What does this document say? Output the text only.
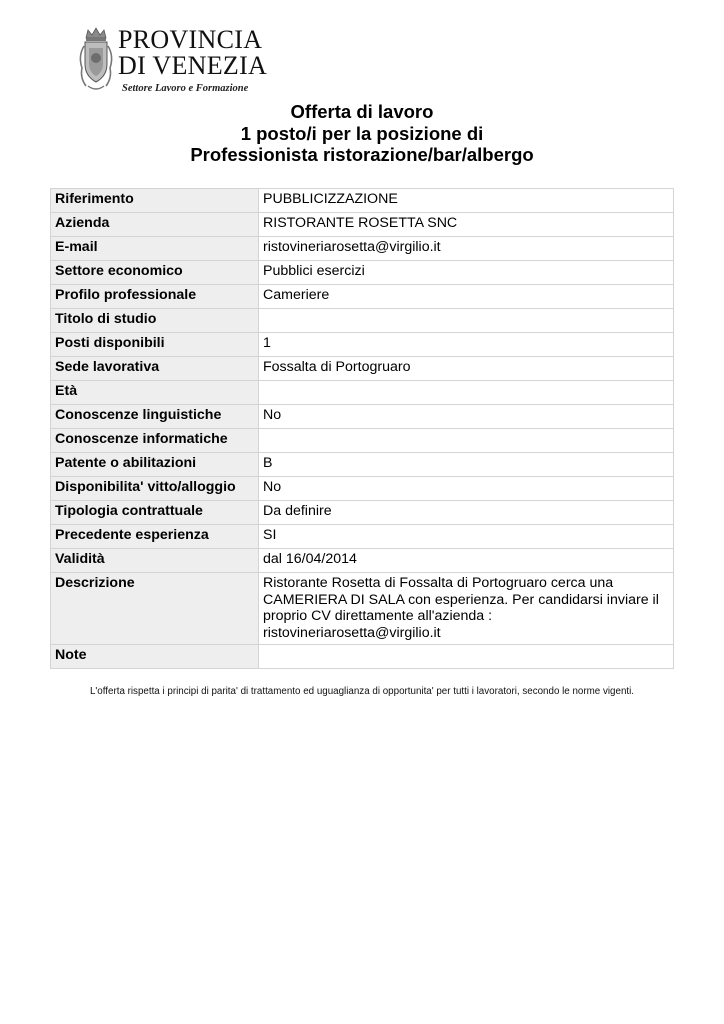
PROVINCIA
DI VENEZIA
Settore Lavoro e Formazione
Offerta di lavoro
1 posto/i per la posizione di
Professionista ristorazione/bar/albergo
Riferimento	PUBBLICIZZAZIONE
Azienda	RISTORANTE ROSETTA SNC
E-mail	ristovineriarosetta@virgilio.it
Settore economico	Pubblici esercizi
Profilo professionale	Cameriere
Titolo di studio	
Posti disponibili	1
Sede lavorativa	Fossalta di Portogruaro
Età	
Conoscenze linguistiche	No
Conoscenze informatiche	
Patente o abilitazioni	B
Disponibilita' vitto/alloggio	No
Tipologia contrattuale	Da definire
Precedente esperienza	SI
Validità	dal 16/04/2014
Descrizione	Ristorante Rosetta di Fossalta di Portogruaro cerca una CAMERIERA DI SALA con esperienza. Per candidarsi inviare il proprio CV direttamente all'azienda : ristovineriarosetta@virgilio.it
Note	
L'offerta rispetta i principi di parita' di trattamento ed uguaglianza di opportunita' per tutti i lavoratori, secondo le norme vigenti.
